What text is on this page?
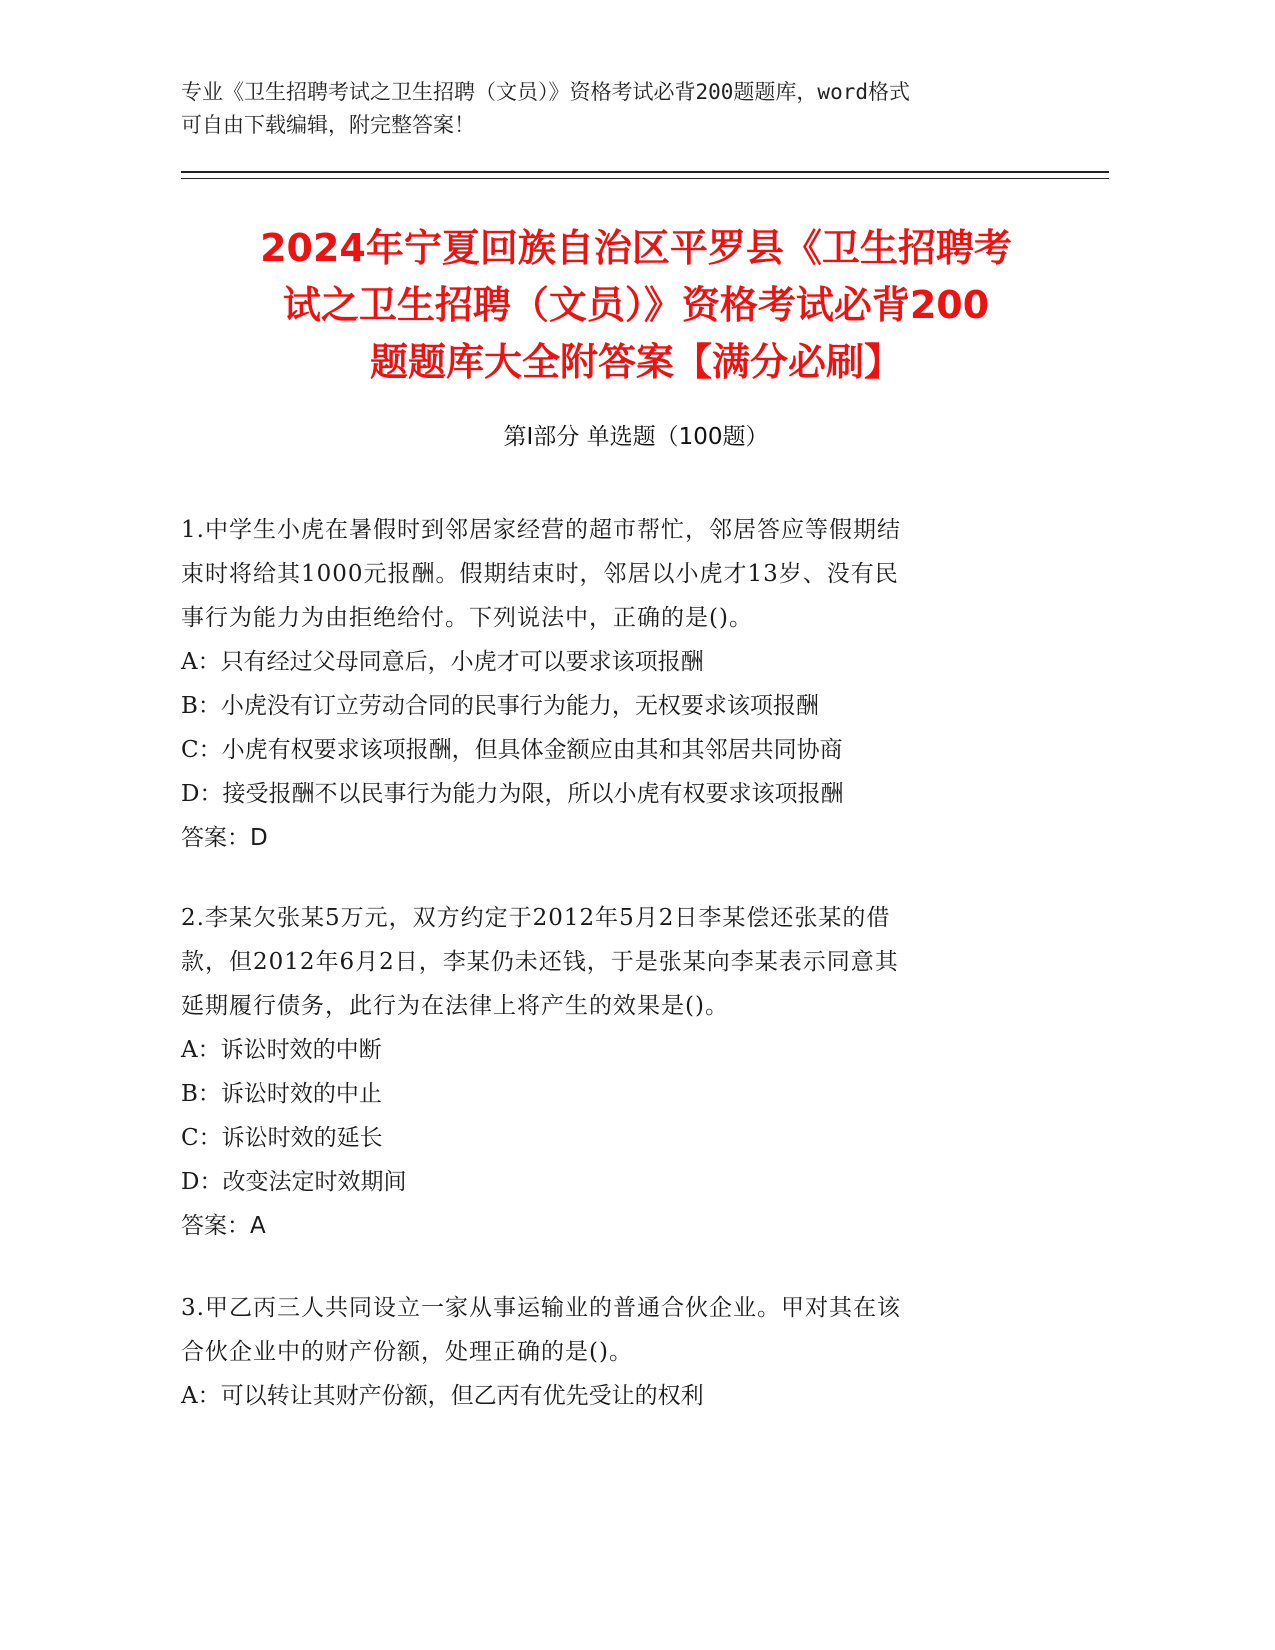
专业《卫生招聘考试之卫生招聘（文员）》资格考试必背200题题库，word格式
可自由下载编辑，附完整答案！
2024年宁夏回族自治区平罗县《卫生招聘考
试之卫生招聘（文员）》资格考试必背200
题题库大全附答案【满分必刷】
第Ⅰ部分 单选题（100题）

1.中学生小虎在暑假时到邻居家经营的超市帮忙，邻居答应等假期结

束时将给其1000元报酬。假期结束时，邻居以小虎才13岁、没有民

事行为能力为由拒绝给付。下列说法中，正确的是()。

A：只有经过父母同意后，小虎才可以要求该项报酬

B：小虎没有订立劳动合同的民事行为能力，无权要求该项报酬

C：小虎有权要求该项报酬，但具体金额应由其和其邻居共同协商

D：接受报酬不以民事行为能力为限，所以小虎有权要求该项报酬

答案：D

2.李某欠张某5万元，双方约定于2012年5月2日李某偿还张某的借

款，但2012年6月2日，李某仍未还钱，于是张某向李某表示同意其

延期履行债务，此行为在法律上将产生的效果是()。

A：诉讼时效的中断

B：诉讼时效的中止

C：诉讼时效的延长

D：改变法定时效期间

答案：A

3.甲乙丙三人共同设立一家从事运输业的普通合伙企业。甲对其在该

合伙企业中的财产份额，处理正确的是()。

A：可以转让其财产份额，但乙丙有优先受让的权利
